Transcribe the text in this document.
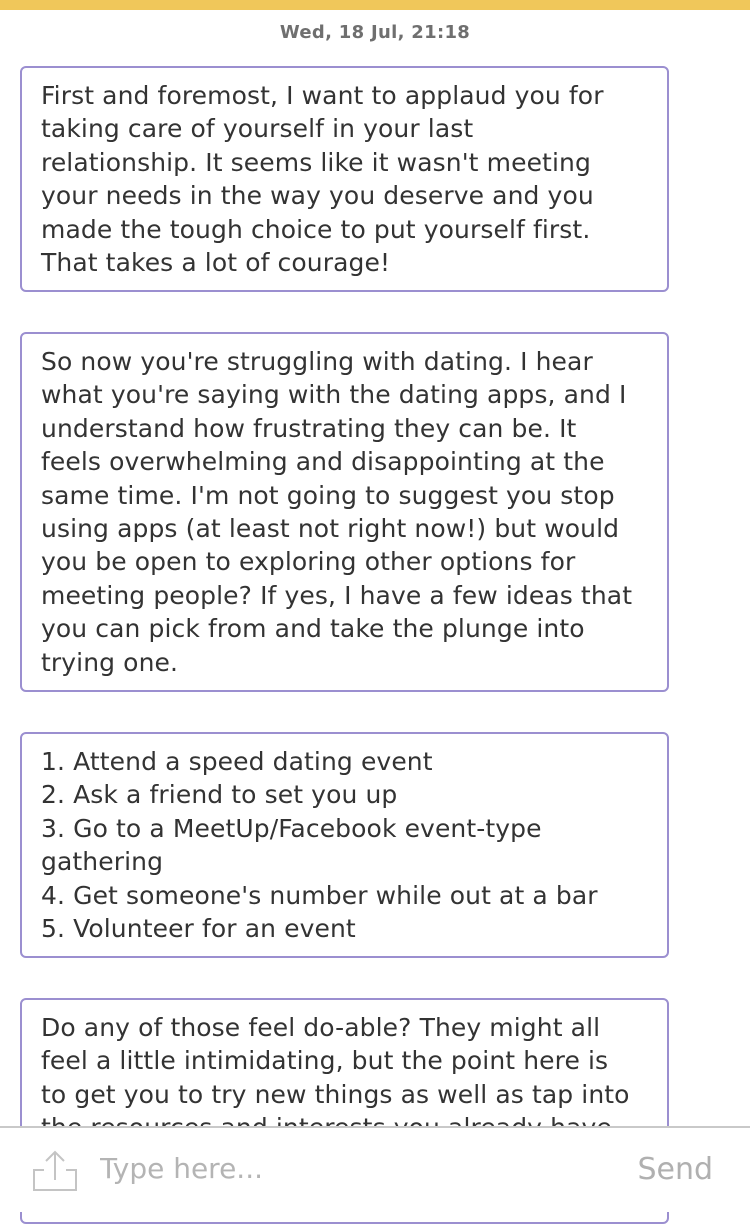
Wed, 18 Jul, 21:18
First and foremost, I want to applaud you for
taking care of yourself in your last
relationship. It seems like it wasn't meeting
your needs in the way you deserve and you
made the tough choice to put yourself first.
That takes a lot of courage!
So now you're struggling with dating. I hear
what you're saying with the dating apps, and I
understand how frustrating they can be. It
feels overwhelming and disappointing at the
same time. I'm not going to suggest you stop
using apps (at least not right now!) but would
you be open to exploring other options for
meeting people? If yes, I have a few ideas that
you can pick from and take the plunge into
trying one.
1. Attend a speed dating event
2. Ask a friend to set you up
3. Go to a MeetUp/Facebook event-type
gathering
4. Get someone's number while out at a bar
5. Volunteer for an event
Do any of those feel do-able? They might all
feel a little intimidating, but the point here is
to get you to try new things as well as tap into

Type here...
Send
